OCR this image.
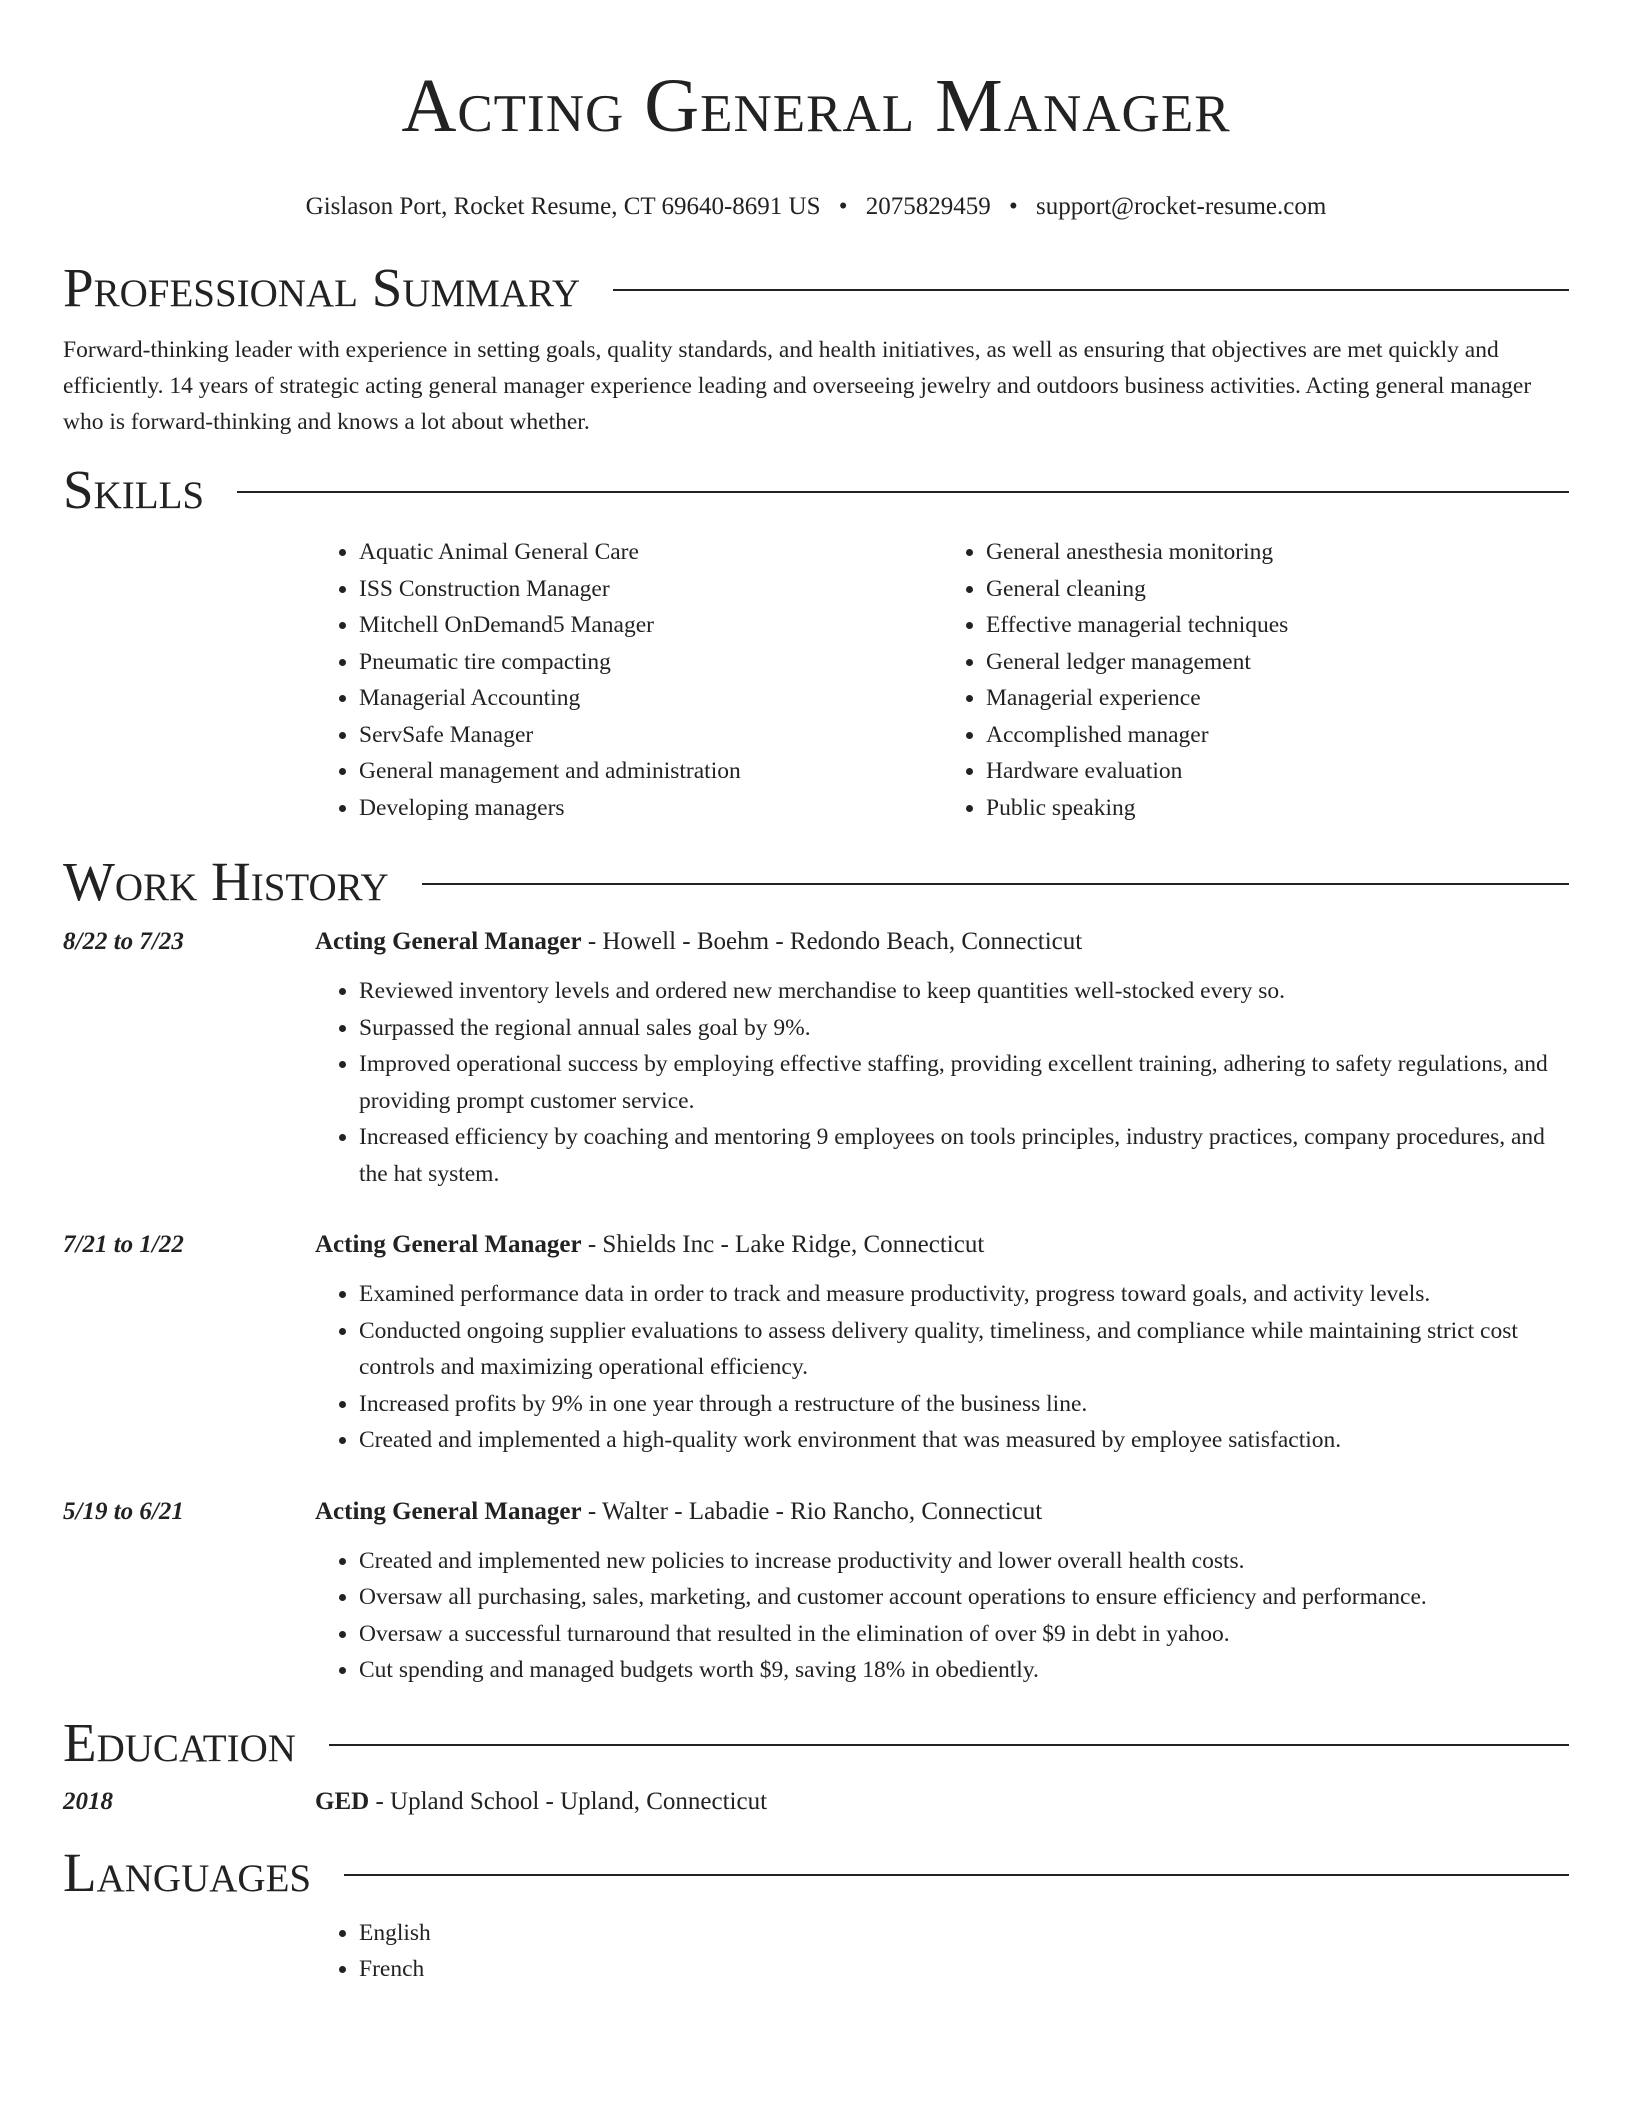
Acting General Manager
Gislason Port, Rocket Resume, CT 69640-8691 US • 2075829459 • support@rocket-resume.com
Professional Summary

Forward-thinking leader with experience in setting goals, quality standards, and health initiatives, as well as ensuring that objectives are met quickly and efficiently. 14 years of strategic acting general manager experience leading and overseeing jewelry and outdoors business activities. Acting general manager who is forward-thinking and knows a lot about whether.

Skills
• Aquatic Animal General Care
• ISS Construction Manager
• Mitchell OnDemand5 Manager
• Pneumatic tire compacting
• Managerial Accounting
• ServSafe Manager
• General management and administration
• Developing managers
• General anesthesia monitoring
• General cleaning
• Effective managerial techniques
• General ledger management
• Managerial experience
• Accomplished manager
• Hardware evaluation
• Public speaking
Work History
8/22 to 7/23	Acting General Manager - Howell - Boehm - Redondo Beach, Connecticut
• Reviewed inventory levels and ordered new merchandise to keep quantities well-stocked every so.
• Surpassed the regional annual sales goal by 9%.
• Improved operational success by employing effective staffing, providing excellent training, adhering to safety regulations, and providing prompt customer service.
• Increased efficiency by coaching and mentoring 9 employees on tools principles, industry practices, company procedures, and the hat system.
7/21 to 1/22	Acting General Manager - Shields Inc - Lake Ridge, Connecticut
• Examined performance data in order to track and measure productivity, progress toward goals, and activity levels.
• Conducted ongoing supplier evaluations to assess delivery quality, timeliness, and compliance while maintaining strict cost controls and maximizing operational efficiency.
• Increased profits by 9% in one year through a restructure of the business line.
• Created and implemented a high-quality work environment that was measured by employee satisfaction.
5/19 to 6/21	Acting General Manager - Walter - Labadie - Rio Rancho, Connecticut
• Created and implemented new policies to increase productivity and lower overall health costs.
• Oversaw all purchasing, sales, marketing, and customer account operations to ensure efficiency and performance.
• Oversaw a successful turnaround that resulted in the elimination of over $9 in debt in yahoo.
• Cut spending and managed budgets worth $9, saving 18% in obediently.
Education
2018	GED - Upland School - Upland, Connecticut
Languages
• English
• French
